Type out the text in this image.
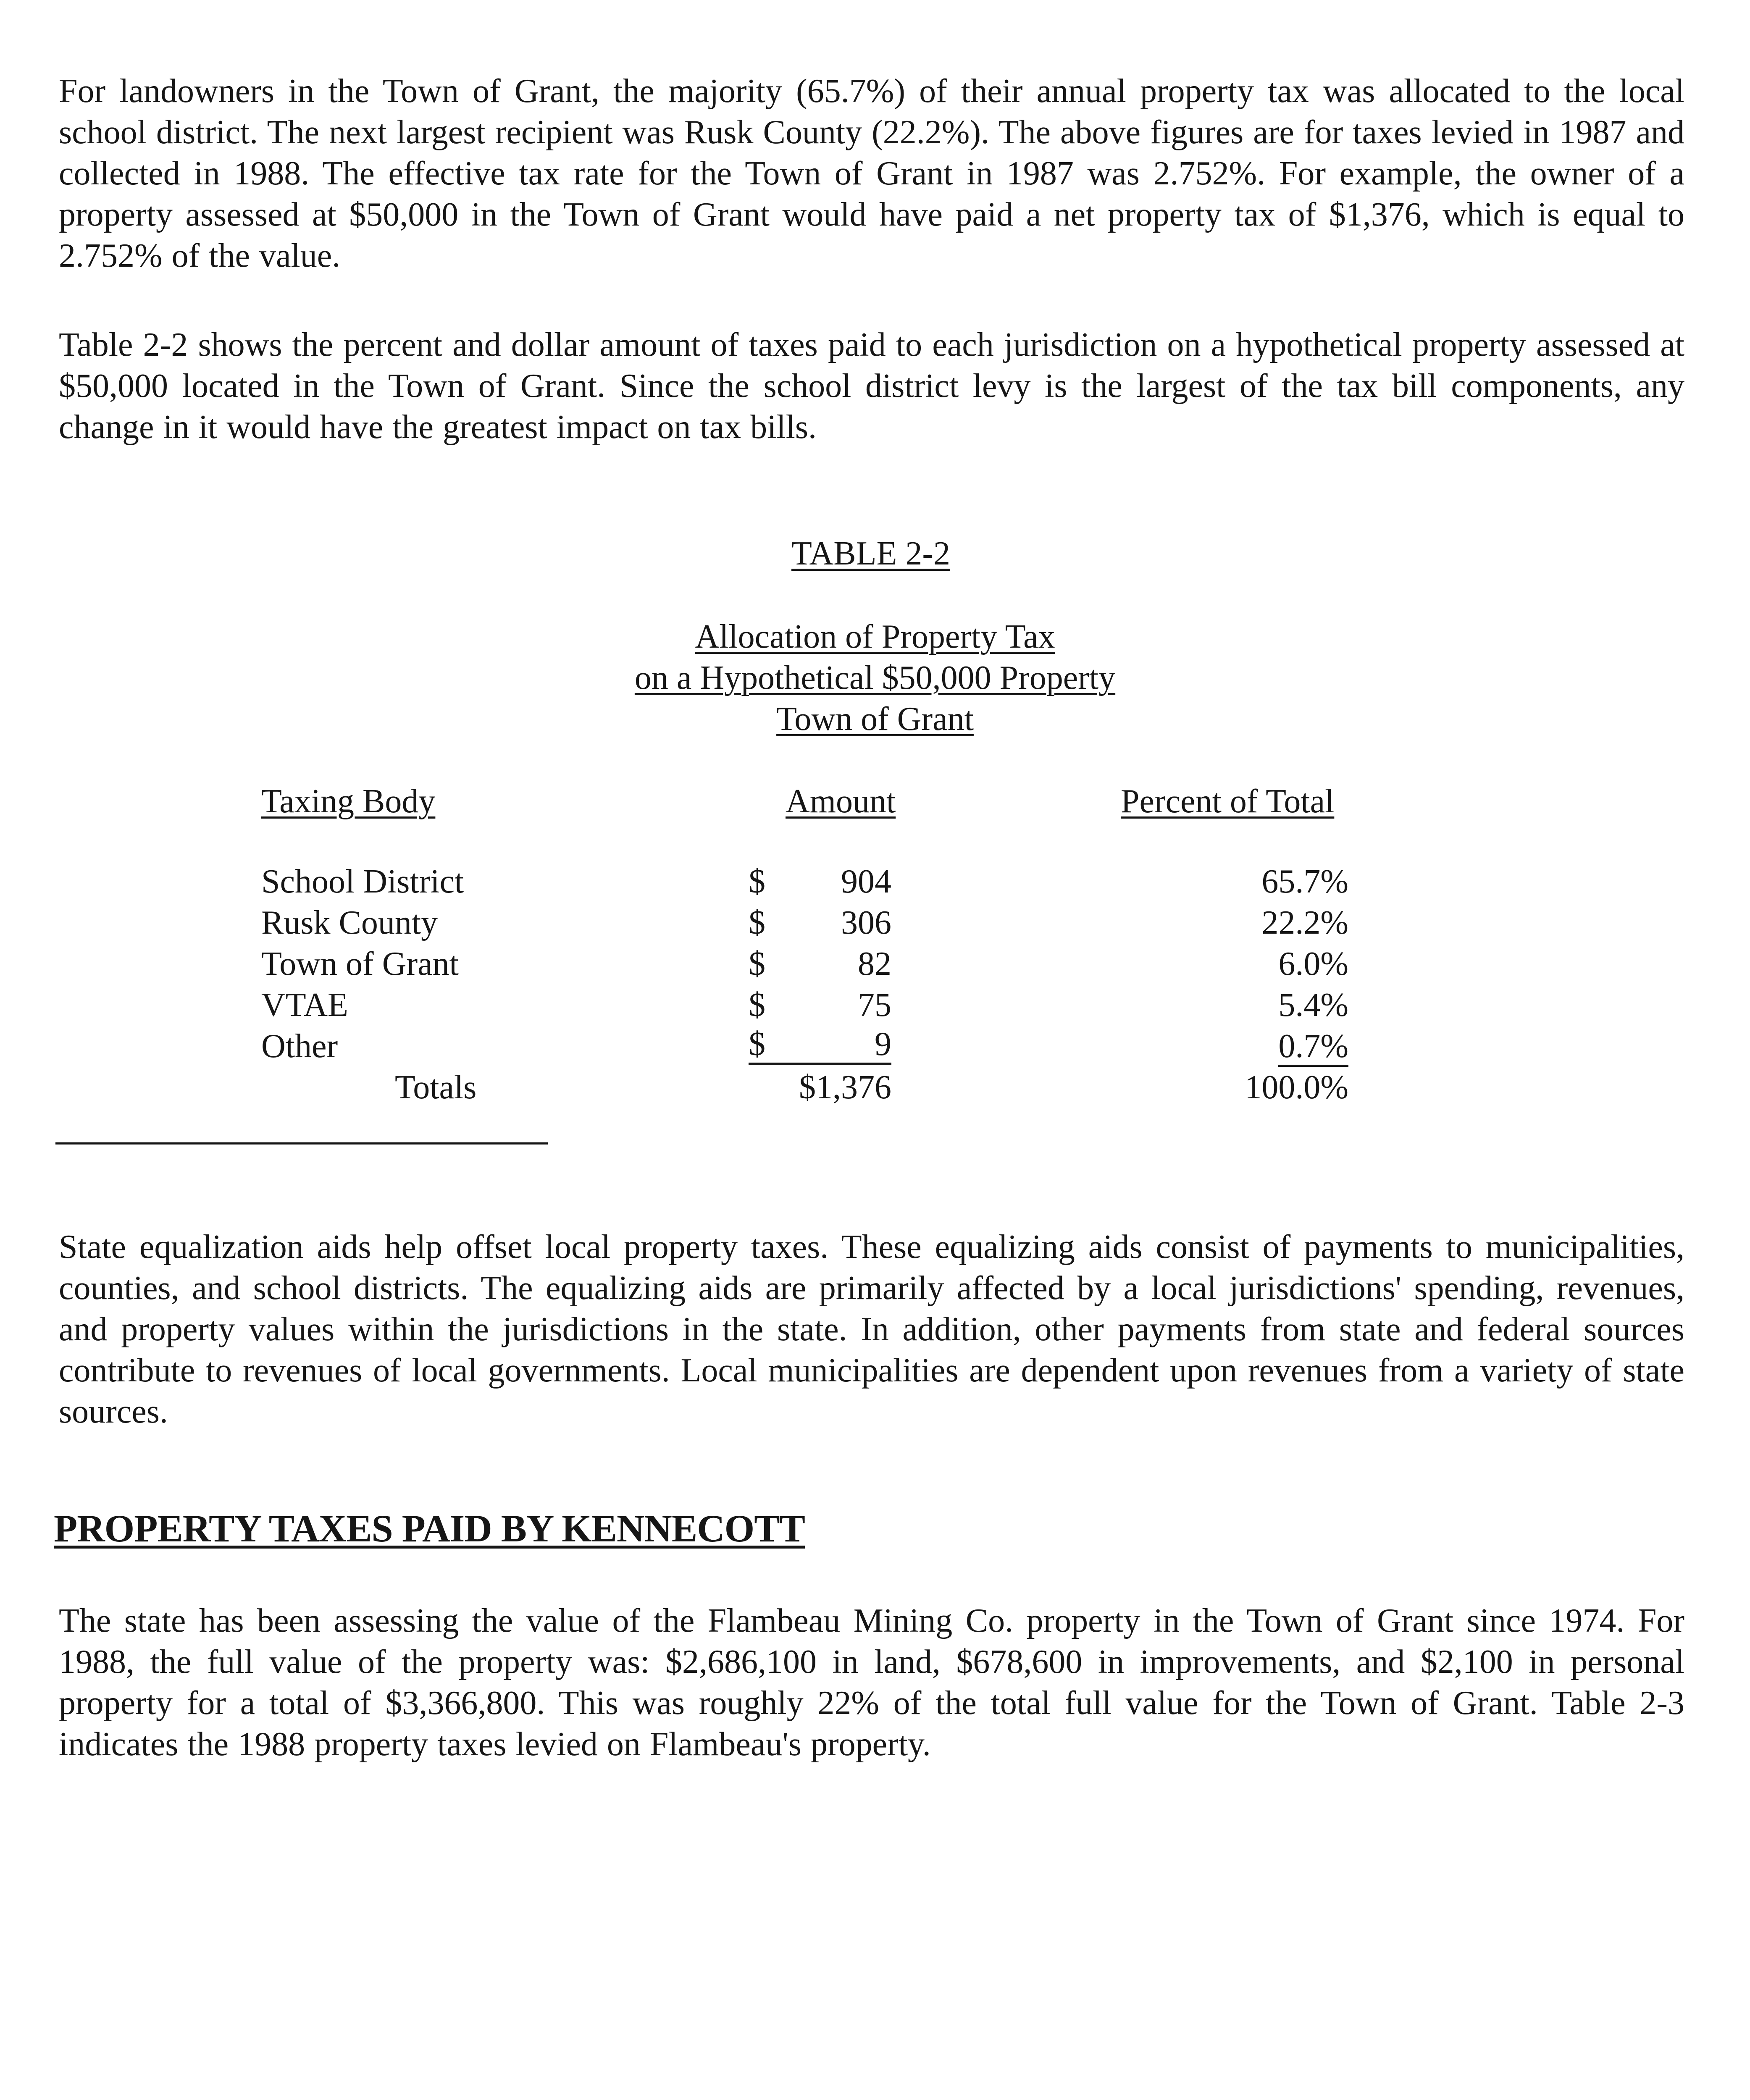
For landowners in the Town of Grant, the majority (65.7%) of their annual property tax was allocated to the local school district. The next largest recipient was Rusk County (22.2%). The above figures are for taxes levied in 1987 and collected in 1988. The effective tax rate for the Town of Grant in 1987 was 2.752%. For example, the owner of a property assessed at $50,000 in the Town of Grant would have paid a net property tax of $1,376, which is equal to 2.752% of the value.

Table 2-2 shows the percent and dollar amount of taxes paid to each jurisdiction on a hypothetical property assessed at $50,000 located in the Town of Grant. Since the school district levy is the largest of the tax bill components, any change in it would have the greatest impact on tax bills.

TABLE 2-2

Allocation of Property Tax

on a Hypothetical $50,000 Property

Town of Grant

Taxing Body	Amount	Percent of Total

School District	$ 904	65.7%
Rusk County	$ 306	22.2%
Town of Grant	$	82	6.0%
VTAE	$	75	5.4%
Other	$	9	0.7%
Totals	$1,376	100.0%

State equalization aids help offset local property taxes. These equalizing aids consist of payments to municipalities, counties, and school districts. The equalizing aids are primarily affected by a local jurisdictions' spending, revenues, and property values within the jurisdictions in the state. In addition, other payments from state and federal sources contribute to revenues of local governments. Local municipalities are dependent upon revenues from a variety of state sources.

PROPERTY TAXES PAID BY KENNECOTT

The state has been assessing the value of the Flambeau Mining Co. property in the Town of Grant since 1974. For 1988, the full value of the property was: $2,686,100 in land, $678,600 in improvements, and $2,100 in personal property for a total of $3,366,800. This was roughly 22% of the total full value for the Town of Grant. Table 2-3 indicates the 1988 property taxes levied on Flambeau's property.
